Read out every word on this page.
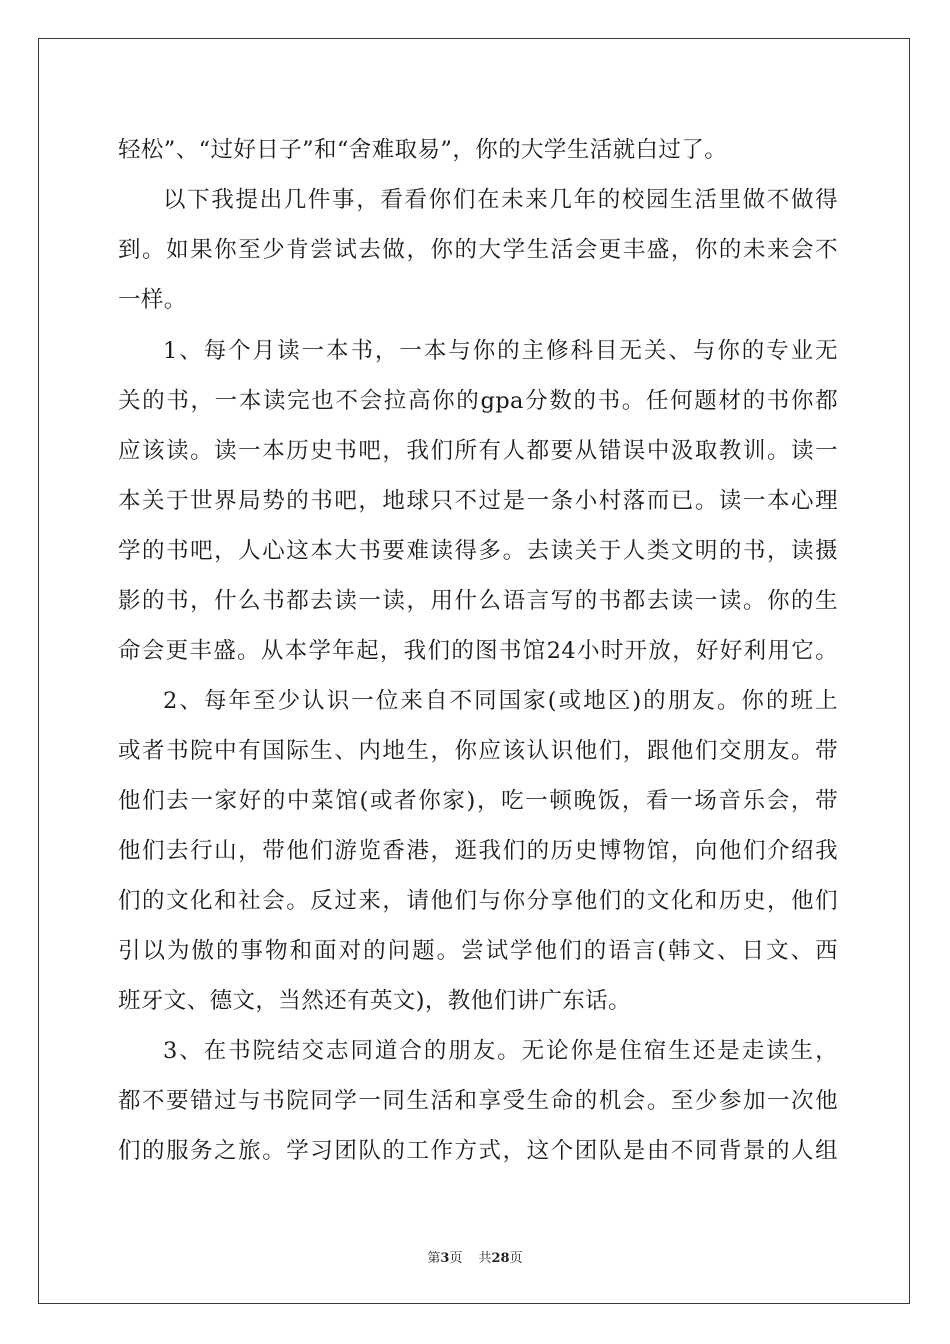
轻松”、“过好日子”和“舍难取易”，你的大学生活就白过了。

以下我提出几件事，看看你们在未来几年的校园生活里做不做得

到。如果你至少肯尝试去做，你的大学生活会更丰盛，你的未来会不

一样。

1、每个月读一本书，一本与你的主修科目无关、与你的专业无

关的书，一本读完也不会拉高你的gpa分数的书。任何题材的书你都

应该读。读一本历史书吧，我们所有人都要从错误中汲取教训。读一

本关于世界局势的书吧，地球只不过是一条小村落而已。读一本心理

学的书吧，人心这本大书要难读得多。去读关于人类文明的书，读摄

影的书，什么书都去读一读，用什么语言写的书都去读一读。你的生

命会更丰盛。从本学年起，我们的图书馆24小时开放，好好利用它。

2、每年至少认识一位来自不同国家(或地区)的朋友。你的班上

或者书院中有国际生、内地生，你应该认识他们，跟他们交朋友。带

他们去一家好的中菜馆(或者你家)，吃一顿晚饭，看一场音乐会，带

他们去行山，带他们游览香港，逛我们的历史博物馆，向他们介绍我

们的文化和社会。反过来，请他们与你分享他们的文化和历史，他们

引以为傲的事物和面对的问题。尝试学他们的语言(韩文、日文、西

班牙文、德文，当然还有英文)，教他们讲广东话。

3、在书院结交志同道合的朋友。无论你是住宿生还是走读生，

都不要错过与书院同学一同生活和享受生命的机会。至少参加一次他

们的服务之旅。学习团队的工作方式，这个团队是由不同背景的人组

第3页 共28页
